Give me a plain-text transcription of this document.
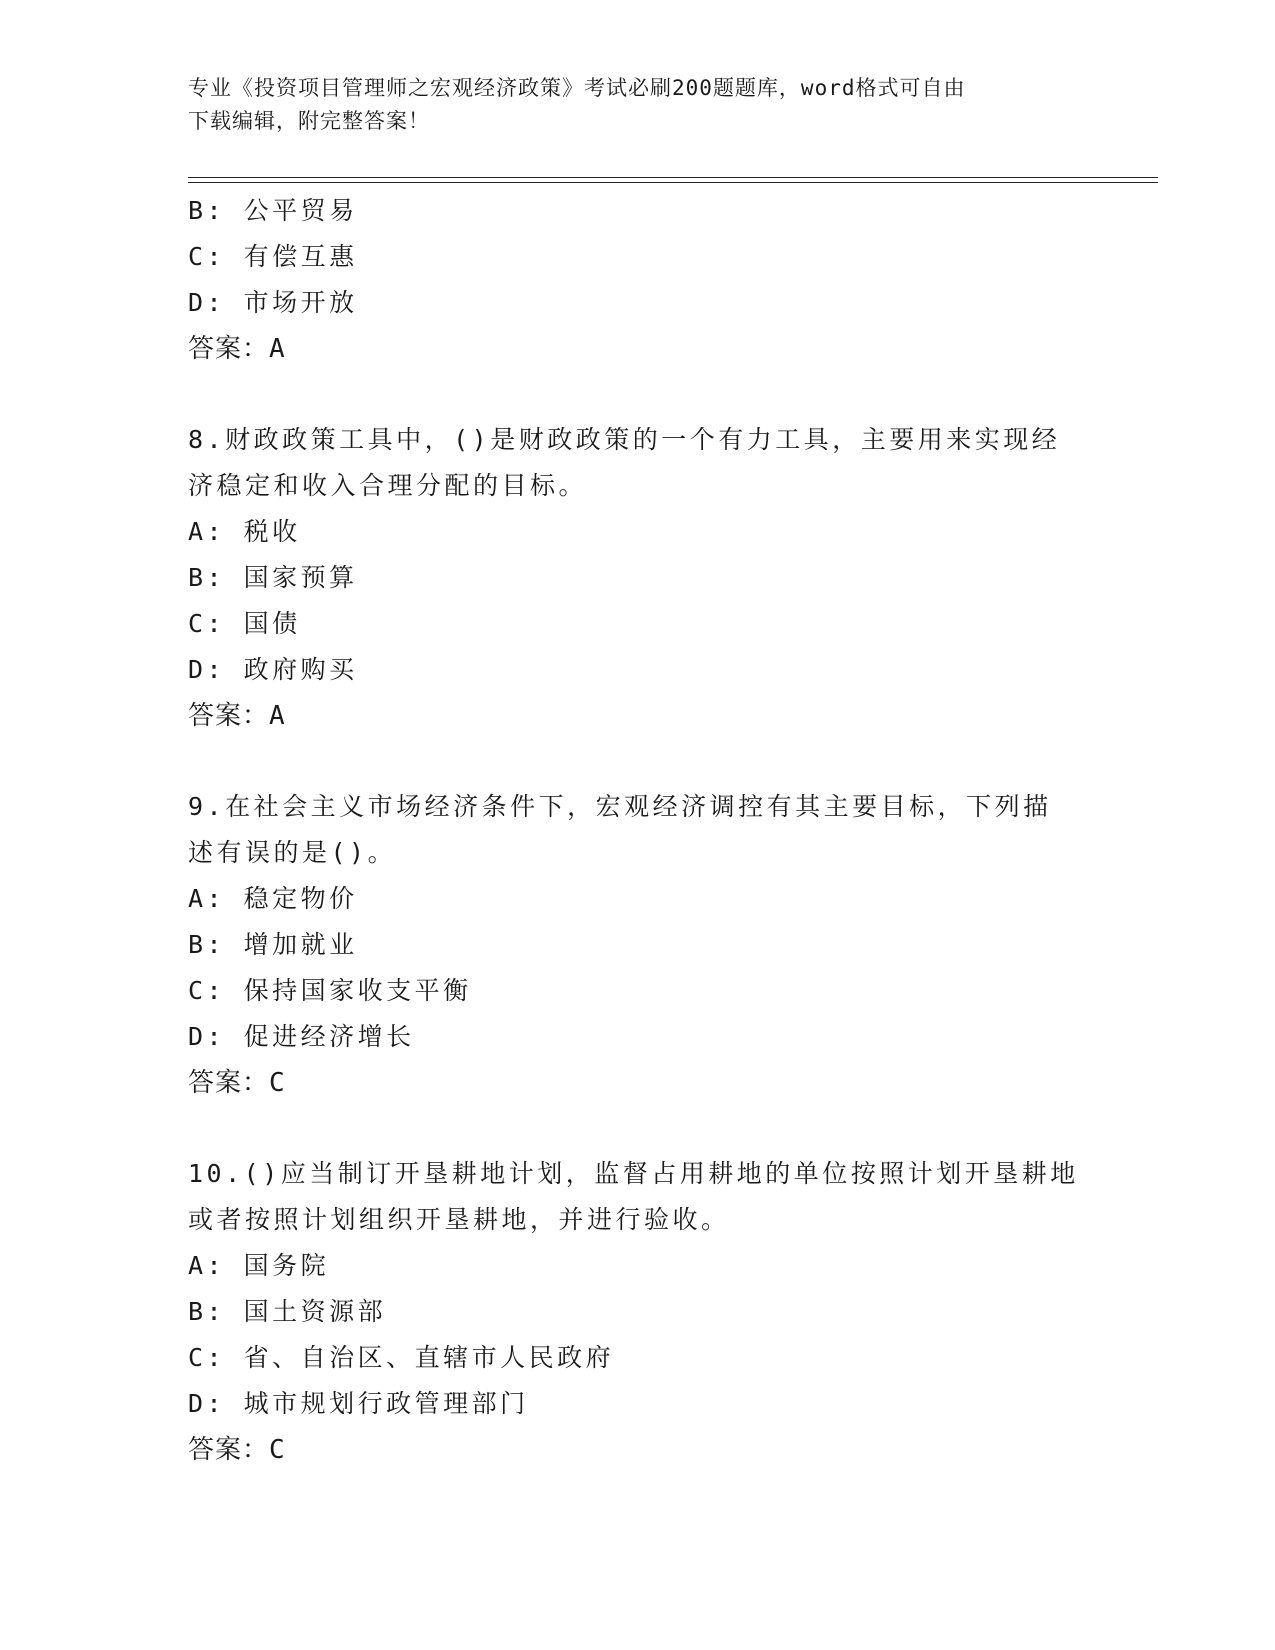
专业《投资项目管理师之宏观经济政策》考试必刷200题题库，word格式可自由
下载编辑，附完整答案！
B: 公平贸易
C: 有偿互惠
D: 市场开放
答案：A
8.财政政策工具中，()是财政政策的一个有力工具，主要用来实现经
济稳定和收入合理分配的目标。
A: 税收
B: 国家预算
C: 国债
D: 政府购买
答案：A
9.在社会主义市场经济条件下，宏观经济调控有其主要目标，下列描
述有误的是()。
A: 稳定物价
B: 增加就业
C: 保持国家收支平衡
D: 促进经济增长
答案：C
10.()应当制订开垦耕地计划，监督占用耕地的单位按照计划开垦耕地
或者按照计划组织开垦耕地，并进行验收。
A: 国务院
B: 国土资源部
C: 省、自治区、直辖市人民政府
D: 城市规划行政管理部门
答案：C
